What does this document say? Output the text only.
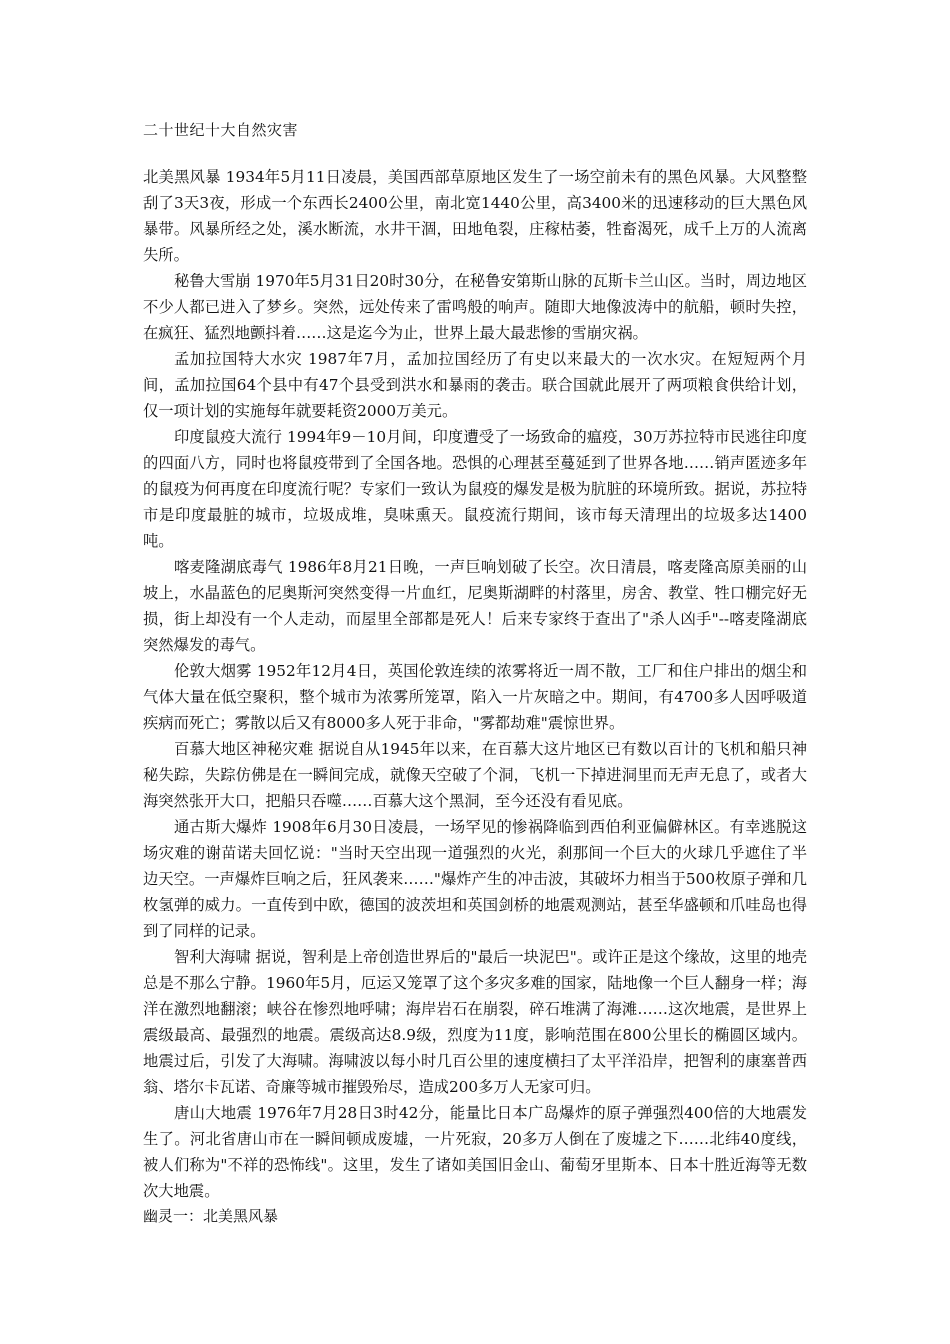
二十世纪十大自然灾害

北美黑风暴 1934年5月11日凌晨，美国西部草原地区发生了一场空前未有的黑色风暴。大风整整刮了3天3夜，形成一个东西长2400公里，南北宽1440公里，高3400米的迅速移动的巨大黑色风暴带。风暴所经之处，溪水断流，水井干涸，田地龟裂，庄稼枯萎，牲畜渴死，成千上万的人流离失所。

秘鲁大雪崩 1970年5月31日20时30分，在秘鲁安第斯山脉的瓦斯卡兰山区。当时，周边地区不少人都已进入了梦乡。突然，远处传来了雷鸣般的响声。随即大地像波涛中的航船，顿时失控，在疯狂、猛烈地颤抖着……这是迄今为止，世界上最大最悲惨的雪崩灾祸。

孟加拉国特大水灾 1987年7月，孟加拉国经历了有史以来最大的一次水灾。在短短两个月间，孟加拉国64个县中有47个县受到洪水和暴雨的袭击。联合国就此展开了两项粮食供给计划，仅一项计划的实施每年就要耗资2000万美元。

印度鼠疫大流行 1994年9－10月间，印度遭受了一场致命的瘟疫，30万苏拉特市民逃往印度的四面八方，同时也将鼠疫带到了全国各地。恐惧的心理甚至蔓延到了世界各地……销声匿迹多年的鼠疫为何再度在印度流行呢？专家们一致认为鼠疫的爆发是极为肮脏的环境所致。据说，苏拉特市是印度最脏的城市，垃圾成堆，臭味熏天。鼠疫流行期间，该市每天清理出的垃圾多达1400吨。

喀麦隆湖底毒气 1986年8月21日晚，一声巨响划破了长空。次日清晨，喀麦隆高原美丽的山坡上，水晶蓝色的尼奥斯河突然变得一片血红，尼奥斯湖畔的村落里，房舍、教堂、牲口棚完好无损，街上却没有一个人走动，而屋里全部都是死人！后来专家终于查出了"杀人凶手"--喀麦隆湖底突然爆发的毒气。

伦敦大烟雾 1952年12月4日，英国伦敦连续的浓雾将近一周不散，工厂和住户排出的烟尘和气体大量在低空聚积，整个城市为浓雾所笼罩，陷入一片灰暗之中。期间，有4700多人因呼吸道疾病而死亡；雾散以后又有8000多人死于非命，"雾都劫难"震惊世界。

百慕大地区神秘灾难 据说自从1945年以来，在百慕大这片地区已有数以百计的飞机和船只神秘失踪，失踪仿佛是在一瞬间完成，就像天空破了个洞，飞机一下掉进洞里而无声无息了，或者大海突然张开大口，把船只吞噬……百慕大这个黑洞，至今还没有看见底。

通古斯大爆炸 1908年6月30日凌晨，一场罕见的惨祸降临到西伯利亚偏僻林区。有幸逃脱这场灾难的谢苗诺夫回忆说："当时天空出现一道强烈的火光，刹那间一个巨大的火球几乎遮住了半边天空。一声爆炸巨响之后，狂风袭来……"爆炸产生的冲击波，其破坏力相当于500枚原子弹和几枚氢弹的威力。一直传到中欧，德国的波茨坦和英国剑桥的地震观测站，甚至华盛顿和爪哇岛也得到了同样的记录。

智利大海啸 据说，智利是上帝创造世界后的"最后一块泥巴"。或许正是这个缘故，这里的地壳总是不那么宁静。1960年5月，厄运又笼罩了这个多灾多难的国家，陆地像一个巨人翻身一样；海洋在激烈地翻滚；峡谷在惨烈地呼啸；海岸岩石在崩裂，碎石堆满了海滩……这次地震，是世界上震级最高、最强烈的地震。震级高达8.9级，烈度为11度，影响范围在800公里长的椭圆区域内。地震过后，引发了大海啸。海啸波以每小时几百公里的速度横扫了太平洋沿岸，把智利的康塞普西翁、塔尔卡瓦诺、奇廉等城市摧毁殆尽，造成200多万人无家可归。

唐山大地震 1976年7月28日3时42分，能量比日本广岛爆炸的原子弹强烈400倍的大地震发生了。河北省唐山市在一瞬间顿成废墟，一片死寂，20多万人倒在了废墟之下……北纬40度线，被人们称为"不祥的恐怖线"。这里，发生了诸如美国旧金山、葡萄牙里斯本、日本十胜近海等无数次大地震。

幽灵一：北美黑风暴
